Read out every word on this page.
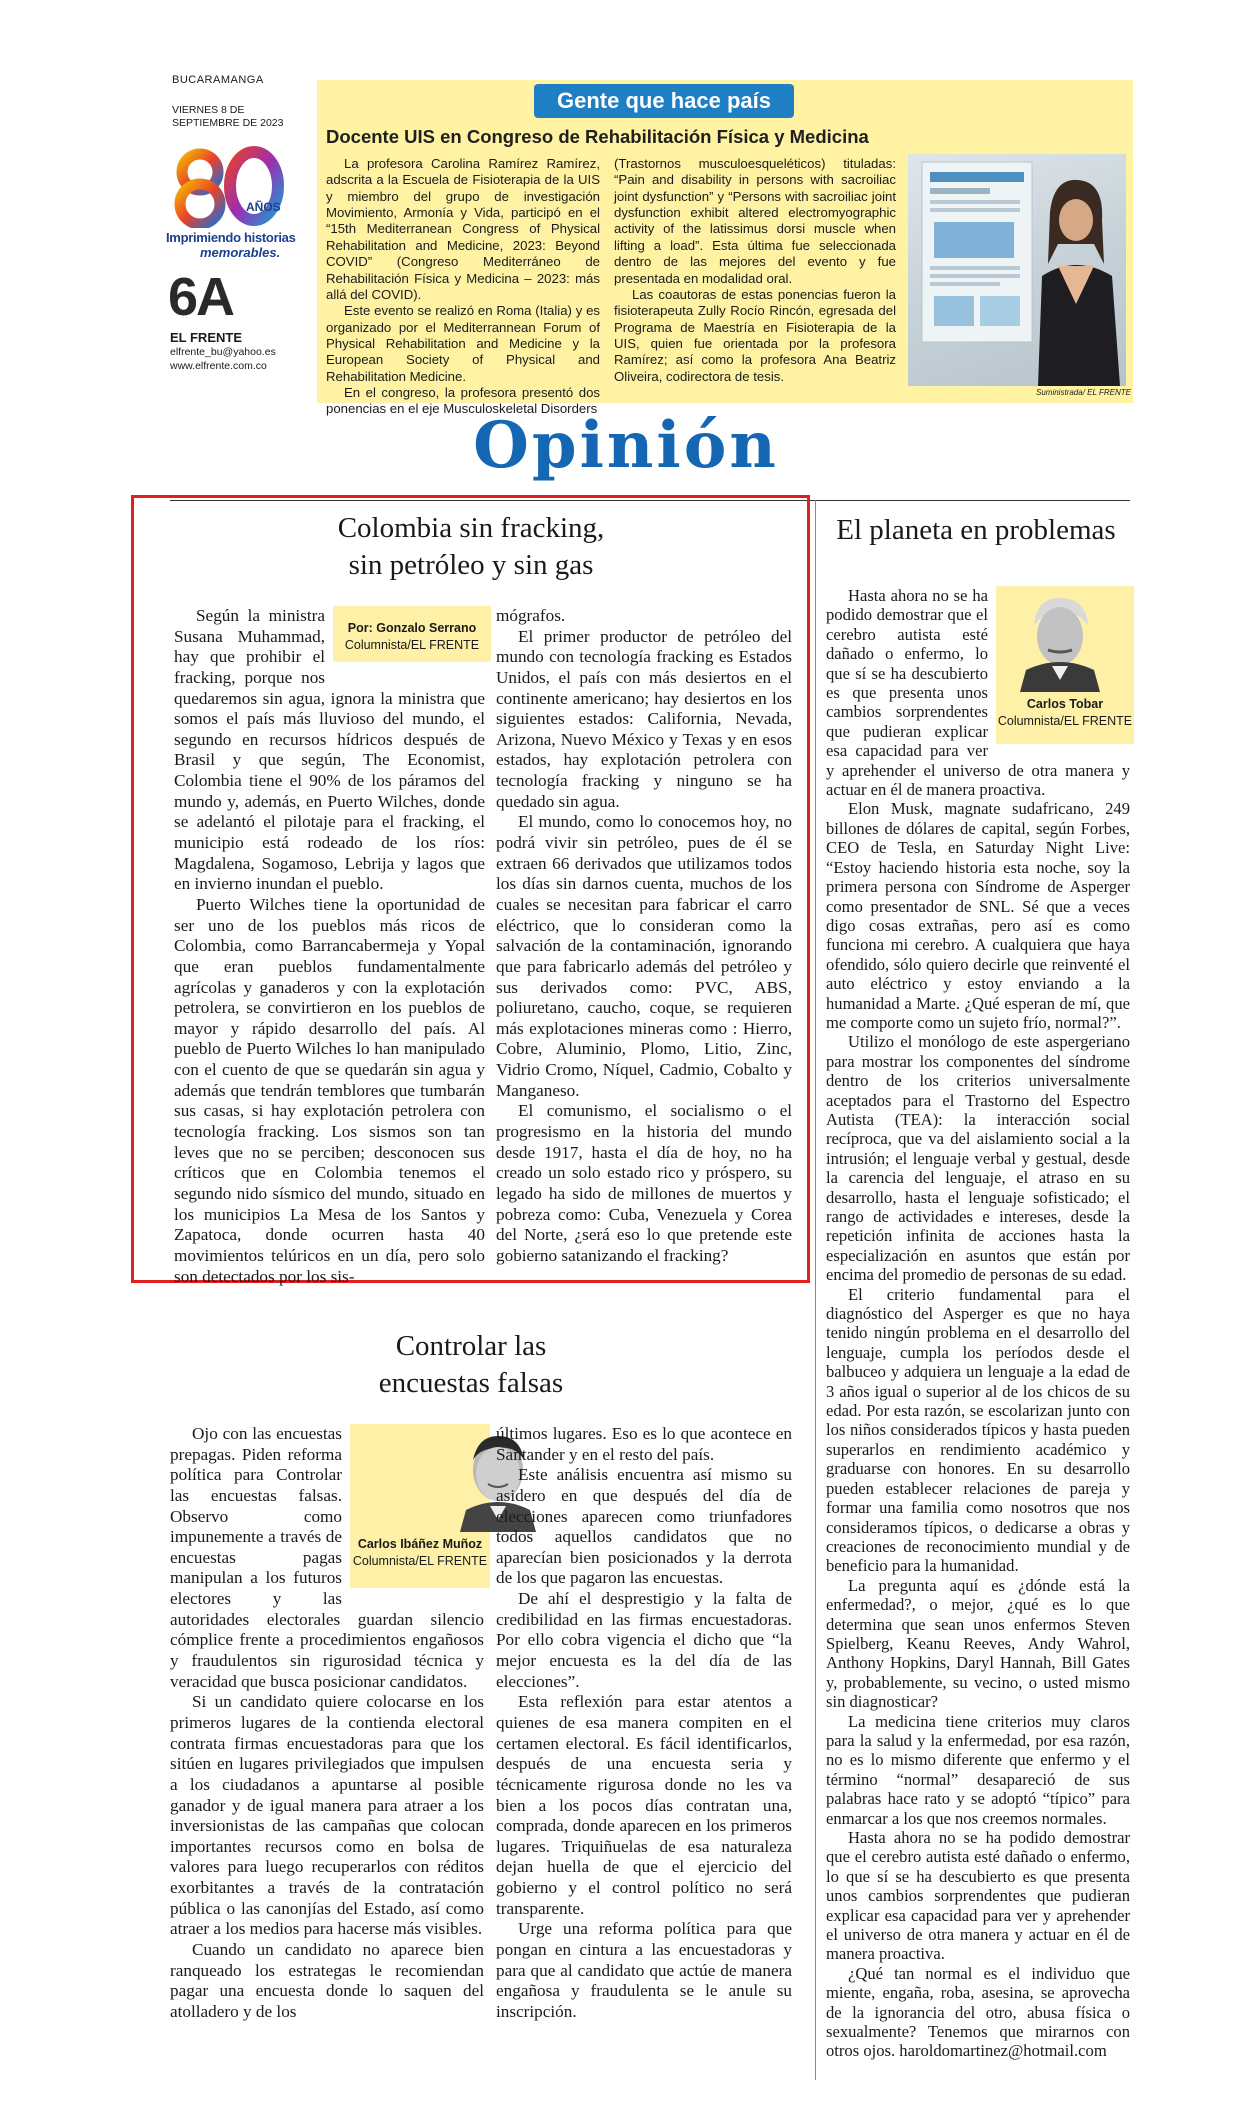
BUCARAMANGA
VIERNES 8 DE
SEPTIEMBRE DE 2023
AÑOS
Imprimiendo historias
memorables.
6A
EL FRENTE
elfrente_bu@yahoo.es
www.elfrente.com.co
Gente que hace país
Docente UIS en Congreso de Rehabilitación Física y Medicina

La profesora Carolina Ramírez Ramírez, adscrita a la Escuela de Fisioterapia de la UIS y miembro del grupo de investigación Movimiento, Armonía y Vida, participó en el “15th Mediterranean Congress of Physical Rehabilitation and Medicine, 2023: Beyond COVID” (Congreso Mediterráneo de Rehabilitación Física y Medicina – 2023: más allá del COVID).

Este evento se realizó en Roma (Italia) y es organizado por el Mediterrannean Forum of Physical Rehabilitation and Medicine y la European Society of Physical and Rehabilitation Medicine.

En el congreso, la profesora presentó dos ponencias en el eje Musculoskeletal Disorders

(Trastornos musculoesqueléticos) tituladas: “Pain and disability in persons with sacroiliac joint dysfunction” y “Persons with sacroiliac joint dysfunction exhibit altered electromyographic activity of the latissimus dorsi muscle when lifting a load”. Esta última fue seleccionada dentro de las mejores del evento y fue presentada en modalidad oral.

Las coautoras de estas ponencias fueron la fisioterapeuta Zully Rocío Rincón, egresada del Programa de Maestría en Fisioterapia de la UIS, quien fue orientada por la profesora Ramírez; así como la profesora Ana Beatriz Oliveira, codirectora de tesis.

Suministrada/ EL FRENTE
Opinión
Colombia sin fracking,
sin petróleo y sin gas
Por: Gonzalo Serrano
Columnista/EL FRENTE

Según la ministra Susana Muhammad, hay que prohibir el fracking, porque nos quedaremos sin agua, ignora la ministra que somos el país más lluvioso del mundo, el segundo en recursos hídricos después de Brasil y que según, The Economist, Colombia tiene el 90% de los páramos del mundo y, además, en Puerto Wilches, donde se adelantó el pilotaje para el fracking, el municipio está rodeado de los ríos: Magdalena, Sogamoso, Lebrija y lagos que en invierno inundan el pueblo.

Puerto Wilches tiene la oportunidad de ser uno de los pueblos más ricos de Colombia, como Barrancabermeja y Yopal que eran pueblos fundamentalmente agrícolas y ganaderos y con la explotación petrolera, se convirtieron en los pueblos de mayor y rápido desarrollo del país. Al pueblo de Puerto Wilches lo han manipulado con el cuento de que se quedarán sin agua y además que tendrán temblores que tumbarán sus casas, si hay explotación petrolera con tecnología fracking. Los sismos son tan leves que no se perciben; desconocen sus críticos que en Colombia tenemos el segundo nido sísmico del mundo, situado en los municipios La Mesa de los Santos y Zapatoca, donde ocurren hasta 40 movimientos telúricos en un día, pero solo son detectados por los sis-

mógrafos.

El primer productor de petróleo del mundo con tecnología fracking es Estados Unidos, el país con más desiertos en el continente americano; hay desiertos en los siguientes estados: California, Nevada, Arizona, Nuevo México y Texas y en esos estados, hay explotación petrolera con tecnología fracking y ninguno se ha quedado sin agua.

El mundo, como lo conocemos hoy, no podrá vivir sin petróleo, pues de él se extraen 66 derivados que utilizamos todos los días sin darnos cuenta, muchos de los cuales se necesitan para fabricar el carro eléctrico, que lo consideran como la salvación de la contaminación, ignorando que para fabricarlo además del petróleo y sus derivados como: PVC, ABS, poliuretano, caucho, coque, se requieren más explotaciones mineras como : Hierro, Cobre, Aluminio, Plomo, Litio, Zinc, Vidrio Cromo, Níquel, Cadmio, Cobalto y Manganeso.

El comunismo, el socialismo o el progresismo en la historia del mundo desde 1917, hasta el día de hoy, no ha creado un solo estado rico y próspero, su legado ha sido de millones de muertos y pobreza como: Cuba, Venezuela y Corea del Norte, ¿será eso lo que pretende este gobierno satanizando el fracking?

Controlar las
encuestas falsas
Carlos Ibáñez Muñoz
Columnista/EL FRENTE

Ojo con las encuestas prepagas. Piden reforma política para Controlar las encuestas falsas. Observo como impunemente a través de encuestas pagas manipulan a los futuros electores y las autoridades electorales guardan silencio cómplice frente a procedimientos engañosos y fraudulentos sin rigurosidad técnica y veracidad que busca posicionar candidatos.

Si un candidato quiere colocarse en los primeros lugares de la contienda electoral contrata firmas encuestadoras para que los sitúen en lugares privilegiados que impulsen a los ciudadanos a apuntarse al posible ganador y de igual manera para atraer a los inversionistas de las campañas que colocan importantes recursos como en bolsa de valores para luego recuperarlos con réditos exorbitantes a través de la contratación pública o las canonjías del Estado, así como atraer a los medios para hacerse más visibles.

Cuando un candidato no aparece bien ranqueado los estrategas le recomiendan pagar una encuesta donde lo saquen del atolladero y de los

últimos lugares. Eso es lo que acontece en Santander y en el resto del país.

Este análisis encuentra así mismo su asidero en que después del día de elecciones aparecen como triunfadores todos aquellos candidatos que no aparecían bien posicionados y la derrota de los que pagaron las encuestas.

De ahí el desprestigio y la falta de credibilidad en las firmas encuestadoras. Por ello cobra vigencia el dicho que “la mejor encuesta es la del día de las elecciones”.

Esta reflexión para estar atentos a quienes de esa manera compiten en el certamen electoral. Es fácil identificarlos, después de una encuesta seria y técnicamente rigurosa donde no les va bien a los pocos días contratan una, comprada, donde aparecen en los primeros lugares. Triquiñuelas de esa naturaleza dejan huella de que el ejercicio del gobierno y el control político no será transparente.

Urge una reforma política para que pongan en cintura a las encuestadoras y para que al candidato que actúe de manera engañosa y fraudulenta se le anule su inscripción.

El planeta en problemas
Carlos Tobar
Columnista/EL FRENTE

Hasta ahora no se ha podido demostrar que el cerebro autista esté dañado o enfermo, lo que sí se ha descubierto es que presenta unos cambios sorprendentes que pudieran explicar esa capacidad para ver y aprehender el universo de otra manera y actuar en él de manera proactiva.

Elon Musk, magnate sudafricano, 249 billones de dólares de capital, según Forbes, CEO de Tesla, en Saturday Night Live: “Estoy haciendo historia esta noche, soy la primera persona con Síndrome de Asperger como presentador de SNL. Sé que a veces digo cosas extrañas, pero así es como funciona mi cerebro. A cualquiera que haya ofendido, sólo quiero decirle que reinventé el auto eléctrico y estoy enviando a la humanidad a Marte. ¿Qué esperan de mí, que me comporte como un sujeto frío, normal?”.

Utilizo el monólogo de este aspergeriano para mostrar los componentes del síndrome dentro de los criterios universalmente aceptados para el Trastorno del Espectro Autista (TEA): la interacción social recíproca, que va del aislamiento social a la intrusión; el lenguaje verbal y gestual, desde la carencia del lenguaje, el atraso en su desarrollo, hasta el lenguaje sofisticado; el rango de actividades e intereses, desde la repetición infinita de acciones hasta la especialización en asuntos que están por encima del promedio de personas de su edad.

El criterio fundamental para el diagnóstico del Asperger es que no haya tenido ningún problema en el desarrollo del lenguaje, cumpla los períodos desde el balbuceo y adquiera un lenguaje a la edad de 3 años igual o superior al de los chicos de su edad. Por esta razón, se escolarizan junto con los niños considerados típicos y hasta pueden superarlos en rendimiento académico y graduarse con honores. En su desarrollo pueden establecer relaciones de pareja y formar una familia como nosotros que nos consideramos típicos, o dedicarse a obras y creaciones de reconocimiento mundial y de beneficio para la humanidad.

La pregunta aquí es ¿dónde está la enfermedad?, o mejor, ¿qué es lo que determina que sean unos enfermos Steven Spielberg, Keanu Reeves, Andy Wahrol, Anthony Hopkins, Daryl Hannah, Bill Gates y, probablemente, su vecino, o usted mismo sin diagnosticar?

La medicina tiene criterios muy claros para la salud y la enfermedad, por esa razón, no es lo mismo diferente que enfermo y el término “normal” desapareció de sus palabras hace rato y se adoptó “típico” para enmarcar a los que nos creemos normales.

Hasta ahora no se ha podido demostrar que el cerebro autista esté dañado o enfermo, lo que sí se ha descubierto es que presenta unos cambios sorprendentes que pudieran explicar esa capacidad para ver y aprehender el universo de otra manera y actuar en él de manera proactiva.

¿Qué tan normal es el individuo que miente, engaña, roba, asesina, se aprovecha de la ignorancia del otro, abusa física o sexualmente? Tenemos que mirarnos con otros ojos. haroldomartinez@hotmail.com
